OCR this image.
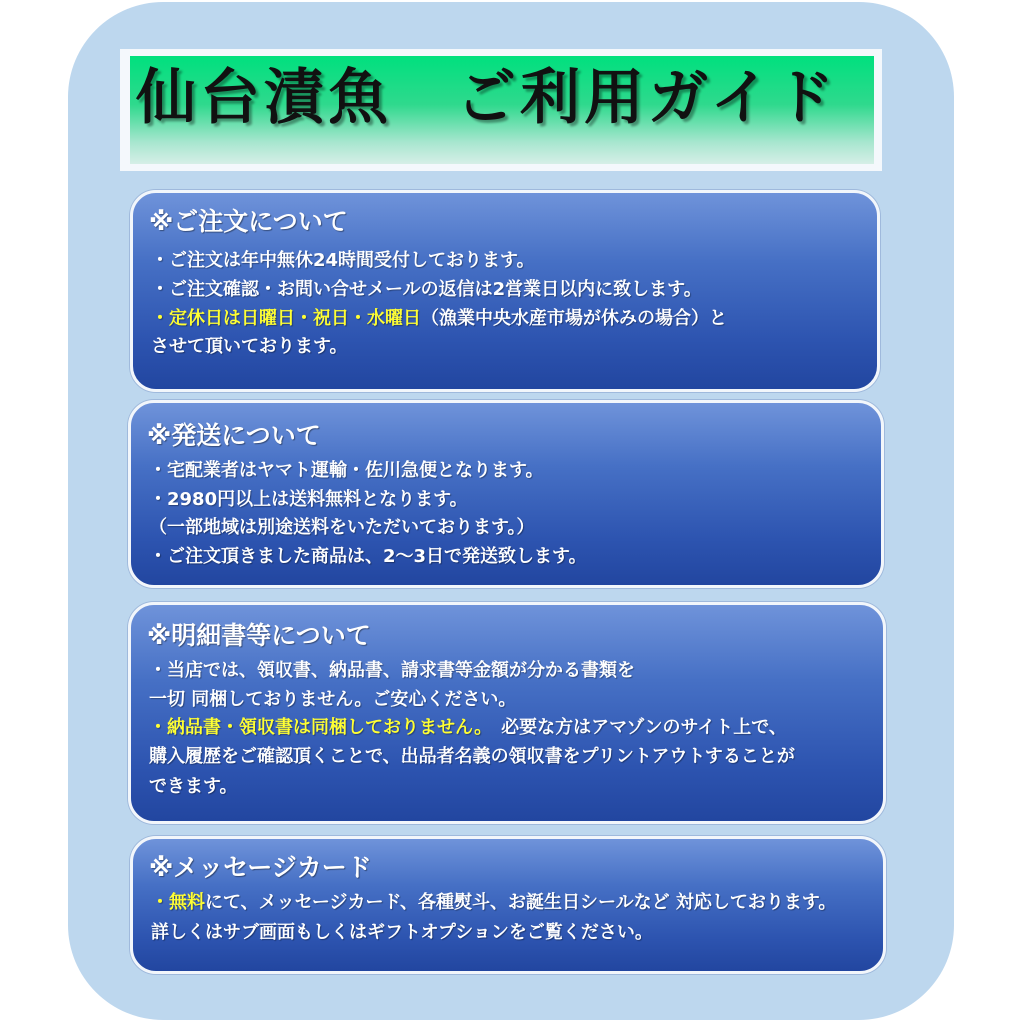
仙台漬魚　ご利用ガイド
※ご注文について
・ご注文は年中無休24時間受付しております。
・ご注文確認・お問い合せメールの返信は2営業日以内に致します。
・定休日は日曜日・祝日・水曜日（漁業中央水産市場が休みの場合）と
させて頂いております。
※発送について
・宅配業者はヤマト運輸・佐川急便となります。
・2980円以上は送料無料となります。
（一部地域は別途送料をいただいております。）
・ご注文頂きました商品は、2～3日で発送致します。
※明細書等について
・当店では、領収書、納品書、請求書等金額が分かる書類を
一切 同梱しておりません。ご安心ください。
・納品書・領収書は同梱しておりません。　必要な方はアマゾンのサイト上で、
購入履歴をご確認頂くことで、出品者名義の領収書をプリントアウトすることが
できます。
※メッセージカード
・無料にて、メッセージカード、各種熨斗、お誕生日シールなど 対応しております。
詳しくはサブ画面もしくはギフトオプションをご覧ください。
